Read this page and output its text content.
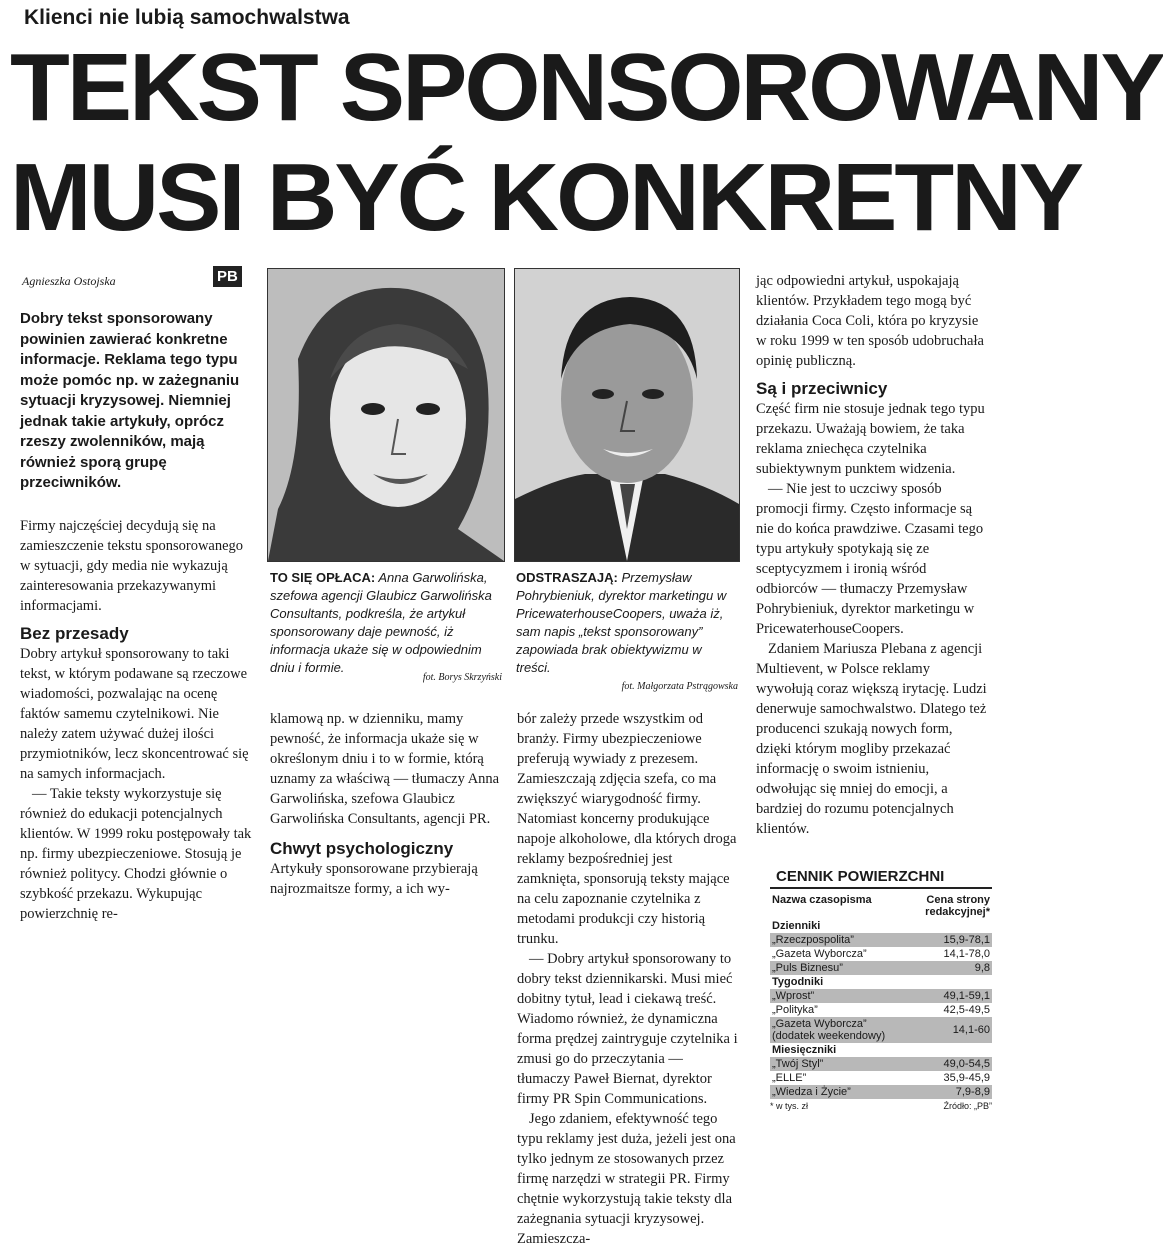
Klienci nie lubią samochwalstwa
TEKST SPONSOROWANY
MUSI BYĆ KONKRETNY
Agnieszka Ostojska	PB
Dobry tekst sponsorowany powinien zawierać konkretne informacje. Reklama tego typu może pomóc np. w zażegnaniu sytuacji kryzysowej. Niemniej jednak takie artykuły, oprócz rzeszy zwolenników, mają również sporą grupę przeciwników.
Firmy najczęściej decydują się na zamieszczenie tekstu sponsorowanego w sytuacji, gdy media nie wykazują zainteresowania przekazywanymi informacjami.
Bez przesady
Dobry artykuł sponsorowany to taki tekst, w którym podawane są rzeczowe wiadomości, pozwalając na ocenę faktów samemu czytelnikowi. Nie należy zatem używać dużej ilości przymiotników, lecz skoncentrować się na samych informacjach.
— Takie teksty wykorzystuje się również do edukacji potencjalnych klientów. W 1999 roku postępowały tak np. firmy ubezpieczeniowe. Stosują je również politycy. Chodzi głównie o szybkość przekazu. Wykupując powierzchnię re-
TO SIĘ OPŁACA: Anna Garwolińska, szefowa agencji Glaubicz Garwolińska Consultants, podkreśla, że artykuł sponsorowany daje pewność, iż informacja ukaże się w odpowiednim dniu i formie.
fot. Borys Skrzyński
ODSTRASZAJĄ: Przemysław Pohrybieniuk, dyrektor marketingu w PricewaterhouseCoopers, uważa iż, sam napis „tekst sponsorowany” zapowiada brak obiektywizmu w treści.
fot. Małgorzata Pstrągowska
klamową np. w dzienniku, mamy pewność, że informacja ukaże się w określonym dniu i to w formie, którą uznamy za właściwą — tłumaczy Anna Garwolińska, szefowa Glaubicz Garwolińska Consultants, agencji PR.
Chwyt psychologiczny
Artykuły sponsorowane przybierają najrozmaitsze formy, a ich wy-
bór zależy przede wszystkim od branży. Firmy ubezpieczeniowe preferują wywiady z prezesem. Zamieszczają zdjęcia szefa, co ma zwiększyć wiarygodność firmy. Natomiast koncerny produkujące napoje alkoholowe, dla których droga reklamy bezpośredniej jest zamknięta, sponsorują teksty mające na celu zapoznanie czytelnika z metodami produkcji czy historią trunku.
— Dobry artykuł sponsorowany to dobry tekst dziennikarski. Musi mieć dobitny tytuł, lead i ciekawą treść. Wiadomo również, że dynamiczna forma prędzej zaintryguje czytelnika i zmusi go do przeczytania — tłumaczy Paweł Biernat, dyrektor firmy PR Spin Communications.
Jego zdaniem, efektywność tego typu reklamy jest duża, jeżeli jest ona tylko jednym ze stosowanych przez firmę narzędzi w strategii PR. Firmy chętnie wykorzystują takie teksty dla zażegnania sytuacji kryzysowej. Zamieszcza-
jąc odpowiedni artykuł, uspokajają klientów. Przykładem tego mogą być działania Coca Coli, która po kryzysie w roku 1999 w ten sposób udobruchała opinię publiczną.
Są i przeciwnicy
Część firm nie stosuje jednak tego typu przekazu. Uważają bowiem, że taka reklama zniechęca czytelnika subiektywnym punktem widzenia.
— Nie jest to uczciwy sposób promocji firmy. Często informacje są nie do końca prawdziwe. Czasami tego typu artykuły spotykają się ze sceptycyzmem i ironią wśród odbiorców — tłumaczy Przemysław Pohrybieniuk, dyrektor marketingu w PricewaterhouseCoopers.
Zdaniem Mariusza Plebana z agencji Multievent, w Polsce reklamy wywołują coraz większą irytację. Ludzi denerwuje samochwalstwo. Dlatego też producenci szukają nowych form, dzięki którym mogliby przekazać informację o swoim istnieniu, odwołując się mniej do emocji, a bardziej do rozumu potencjalnych klientów.
CENNIK POWIERZCHNI
Nazwa czasopisma	Cena strony redakcyjnej*
Dzienniki	
„Rzeczpospolita”	15,9-78,1
„Gazeta Wyborcza”	14,1-78,0
„Puls Biznesu”	9,8
Tygodniki	
„Wprost”	49,1-59,1
„Polityka”	42,5-49,5
„Gazeta Wyborcza” (dodatek weekendowy)	14,1-60
Miesięczniki	
„Twój Styl”	49,0-54,5
„ELLE”	35,9-45,9
„Wiedza i Życie”	7,9-8,9
* w tys. zł	Źródło: „PB”
